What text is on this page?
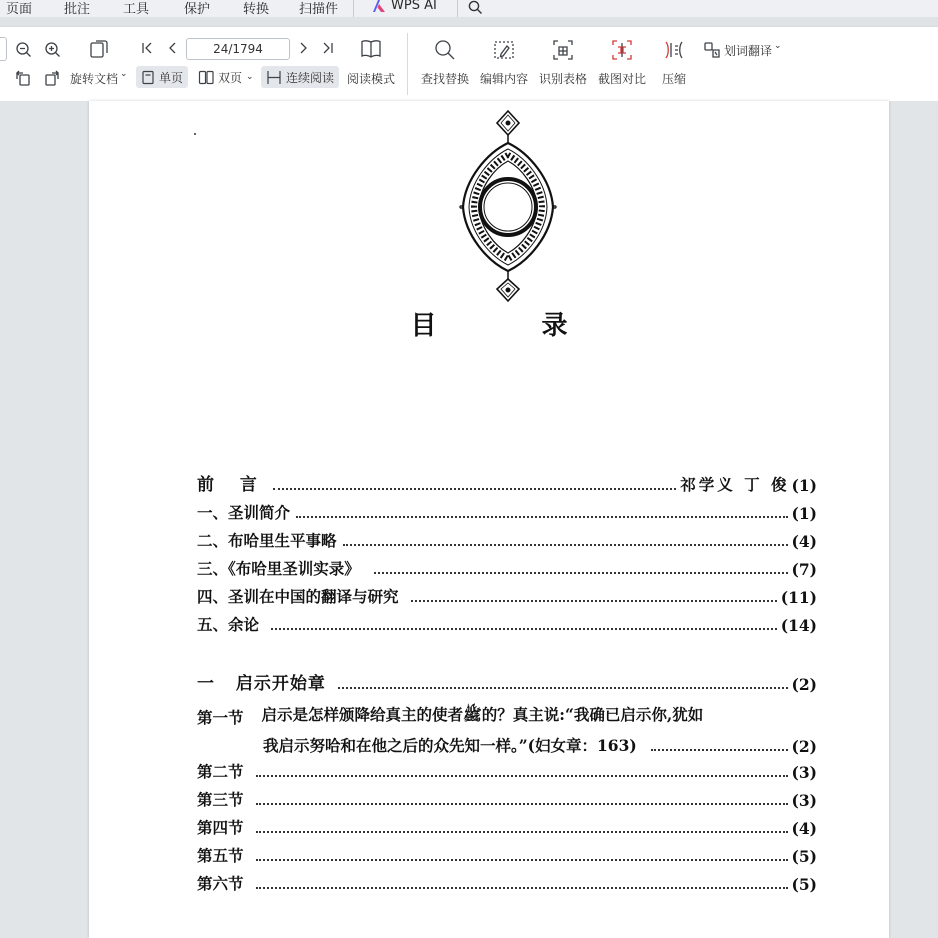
页面 批注	工具	保护	转换 扫描件	WPS AI
24/1794	划词翻译 ⌄
旋转文档 ⌄	单页	双页 ⌄	连续阅读 阅读模式 查找替换 编辑内容 识别表格 截图对比 压缩
目 录
前 言	祁学义 丁 俊 (1)
一、圣训简介	(1)
二、布哈里生平事略	(4)
三、《布哈里圣训实录》	(7)
四、圣训在中国的翻译与研究	(11)
五、余论	(14)
一 启示开始章	(2)
第一节 启示是怎样颁降给真主的使者ﷺ的？真主说:“我确已启示你,犹如
我启示努哈和在他之后的众先知一样。”(妇女章：163)	(2)
第二节	(3)
第三节	(3)
第四节	(4)
第五节	(5)
第六节	(5)
